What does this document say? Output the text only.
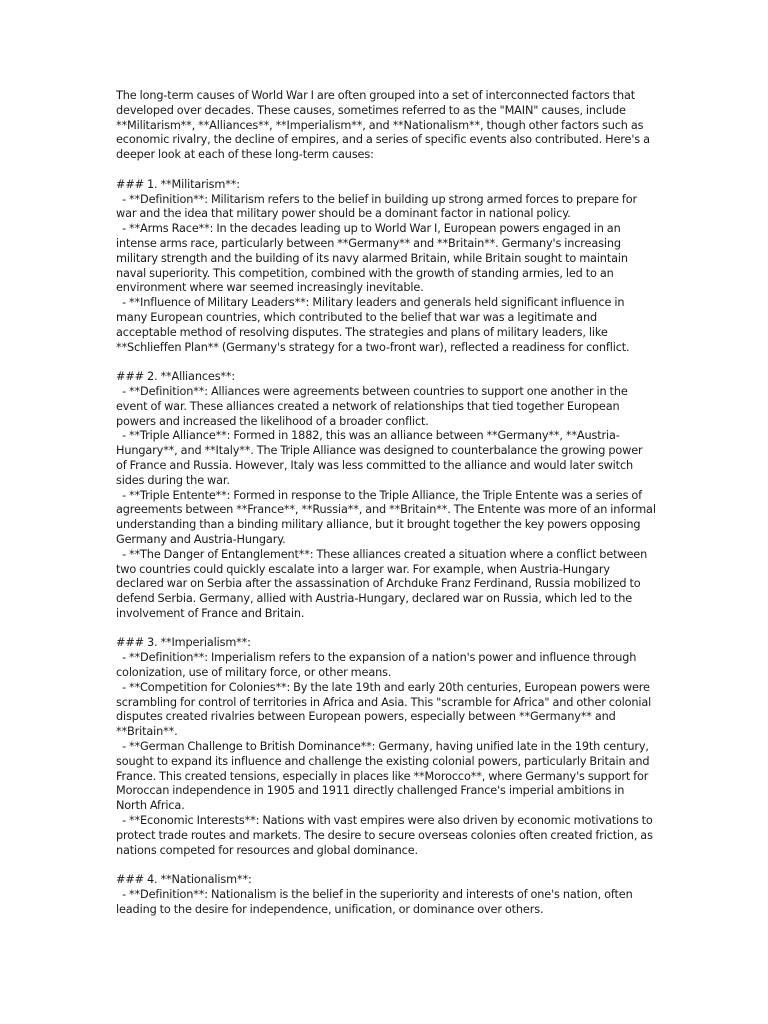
The long-term causes of World War I are often grouped into a set of interconnected factors that developed over decades. These causes, sometimes referred to as the "MAIN" causes, include **Militarism**, **Alliances**, **Imperialism**, and **Nationalism**, though other factors such as economic rivalry, the decline of empires, and a series of specific events also contributed. Here's a deeper look at each of these long-term causes:

### 1. **Militarism**:

- **Definition**: Militarism refers to the belief in building up strong armed forces to prepare for war and the idea that military power should be a dominant factor in national policy.

- **Arms Race**: In the decades leading up to World War I, European powers engaged in an intense arms race, particularly between **Germany** and **Britain**. Germany's increasing military strength and the building of its navy alarmed Britain, while Britain sought to maintain naval superiority. This competition, combined with the growth of standing armies, led to an environment where war seemed increasingly inevitable.

- **Influence of Military Leaders**: Military leaders and generals held significant influence in many European countries, which contributed to the belief that war was a legitimate and acceptable method of resolving disputes. The strategies and plans of military leaders, like **Schlieffen Plan** (Germany's strategy for a two-front war), reflected a readiness for conflict.

### 2. **Alliances**:

- **Definition**: Alliances were agreements between countries to support one another in the event of war. These alliances created a network of relationships that tied together European powers and increased the likelihood of a broader conflict.

- **Triple Alliance**: Formed in 1882, this was an alliance between **Germany**, **Austria-Hungary**, and **Italy**. The Triple Alliance was designed to counterbalance the growing power of France and Russia. However, Italy was less committed to the alliance and would later switch sides during the war.

- **Triple Entente**: Formed in response to the Triple Alliance, the Triple Entente was a series of agreements between **France**, **Russia**, and **Britain**. The Entente was more of an informal understanding than a binding military alliance, but it brought together the key powers opposing Germany and Austria-Hungary.

- **The Danger of Entanglement**: These alliances created a situation where a conflict between two countries could quickly escalate into a larger war. For example, when Austria-Hungary declared war on Serbia after the assassination of Archduke Franz Ferdinand, Russia mobilized to defend Serbia. Germany, allied with Austria-Hungary, declared war on Russia, which led to the involvement of France and Britain.

### 3. **Imperialism**:

- **Definition**: Imperialism refers to the expansion of a nation's power and influence through colonization, use of military force, or other means.

- **Competition for Colonies**: By the late 19th and early 20th centuries, European powers were scrambling for control of territories in Africa and Asia. This "scramble for Africa" and other colonial disputes created rivalries between European powers, especially between **Germany** and **Britain**.

- **German Challenge to British Dominance**: Germany, having unified late in the 19th century, sought to expand its influence and challenge the existing colonial powers, particularly Britain and France. This created tensions, especially in places like **Morocco**, where Germany's support for Moroccan independence in 1905 and 1911 directly challenged France's imperial ambitions in North Africa.

- **Economic Interests**: Nations with vast empires were also driven by economic motivations to protect trade routes and markets. The desire to secure overseas colonies often created friction, as nations competed for resources and global dominance.

### 4. **Nationalism**:

- **Definition**: Nationalism is the belief in the superiority and interests of one's nation, often leading to the desire for independence, unification, or dominance over others.
